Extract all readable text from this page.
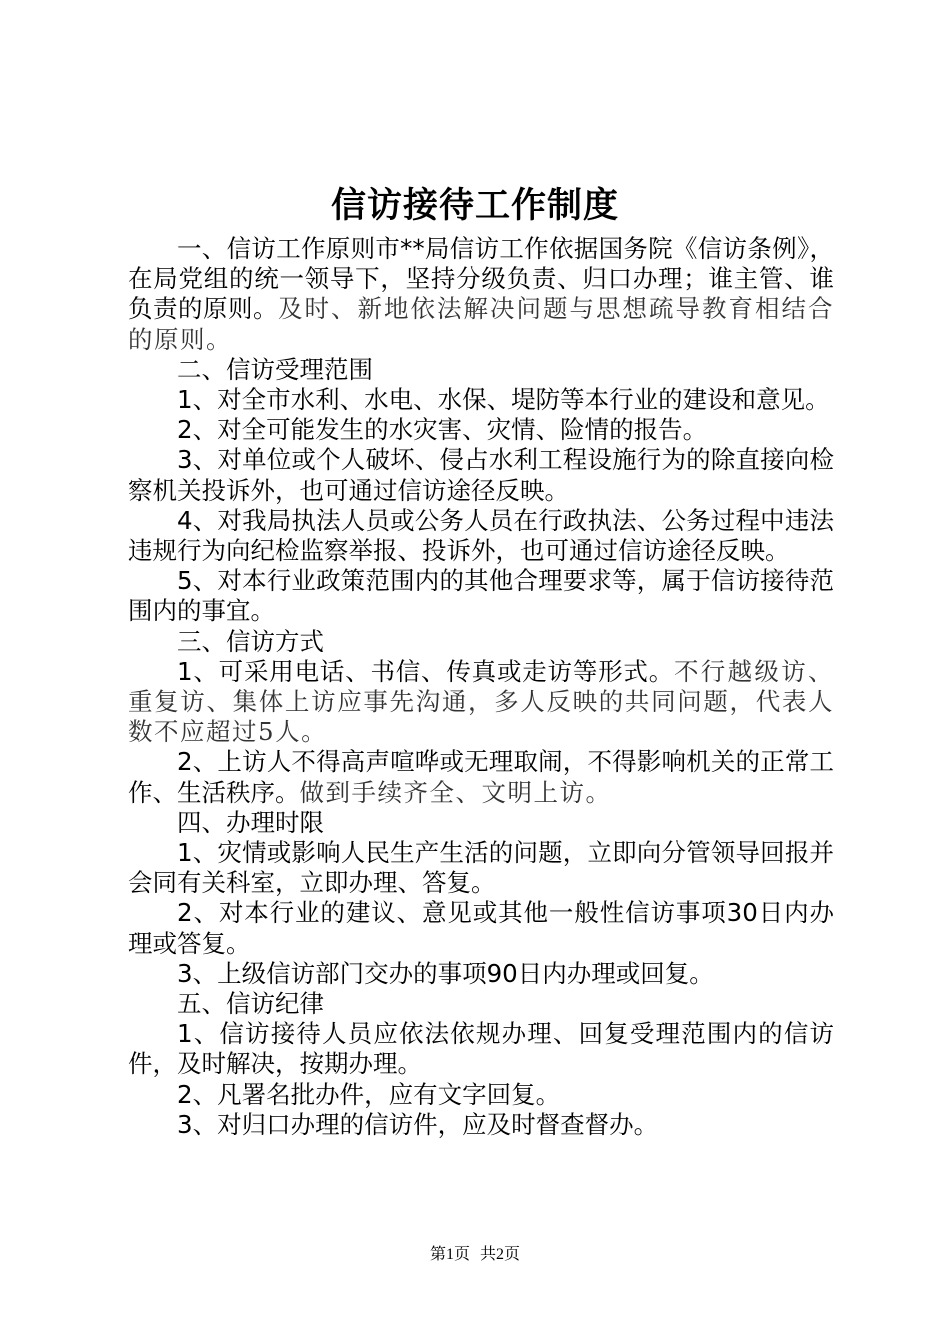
信访接待工作制度

一、信访工作原则市**局信访工作依据国务院《信访条例》，在局党组的统一领导下，坚持分级负责、归口办理；谁主管、谁负责的原则。及时、新地依法解决问题与思想疏导教育相结合的原则。

二、信访受理范围

1、对全市水利、水电、水保、堤防等本行业的建设和意见。

2、对全可能发生的水灾害、灾情、险情的报告。

3、对单位或个人破坏、侵占水利工程设施行为的除直接向检察机关投诉外，也可通过信访途径反映。

4、对我局执法人员或公务人员在行政执法、公务过程中违法违规行为向纪检监察举报、投诉外，也可通过信访途径反映。

5、对本行业政策范围内的其他合理要求等，属于信访接待范围内的事宜。

三、信访方式

1、可采用电话、书信、传真或走访等形式。不行越级访、重复访、集体上访应事先沟通，多人反映的共同问题，代表人数不应超过5人。

2、上访人不得高声喧哗或无理取闹，不得影响机关的正常工作、生活秩序。做到手续齐全、文明上访。

四、办理时限

1、灾情或影响人民生产生活的问题，立即向分管领导回报并会同有关科室，立即办理、答复。

2、对本行业的建议、意见或其他一般性信访事项30日内办理或答复。

3、上级信访部门交办的事项90日内办理或回复。

五、信访纪律

1、信访接待人员应依法依规办理、回复受理范围内的信访件，及时解决，按期办理。

2、凡署名批办件，应有文字回复。

3、对归口办理的信访件，应及时督查督办。

第1页 共2页
